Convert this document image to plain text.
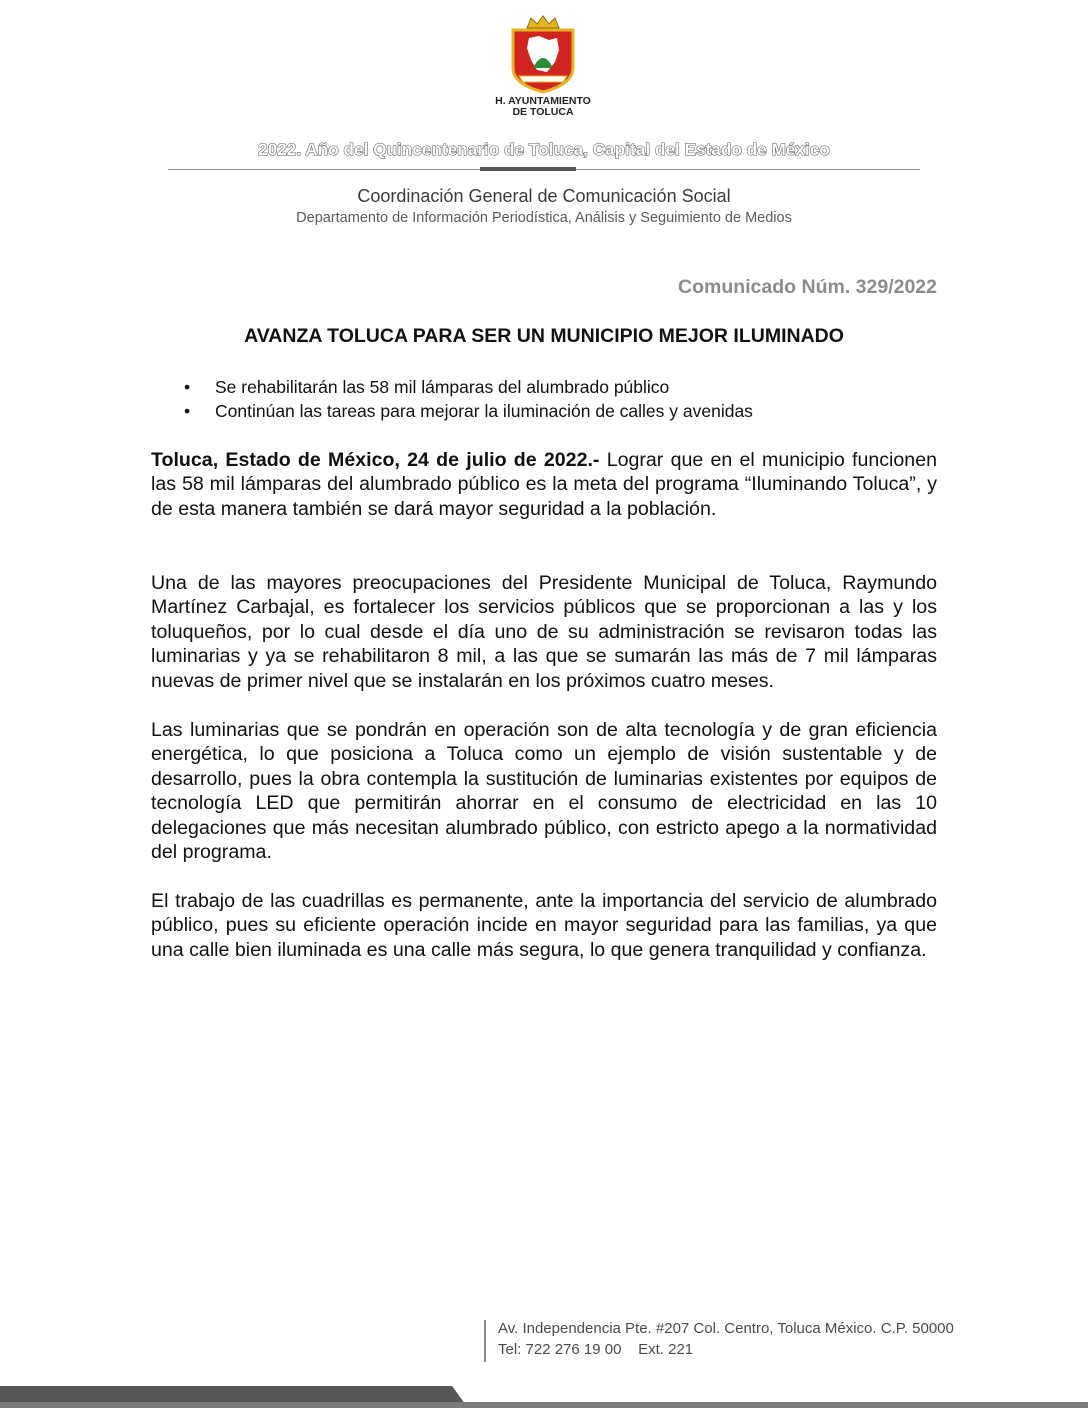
H. AYUNTAMIENTO
DE TOLUCA
2022. Año del Quincentenario de Toluca, Capital del Estado de México
Coordinación General de Comunicación Social
Departamento de Información Periodística, Análisis y Seguimiento de Medios
Comunicado Núm. 329/2022
AVANZA TOLUCA PARA SER UN MUNICIPIO MEJOR ILUMINADO
• Se rehabilitarán las 58 mil lámparas del alumbrado público
• Continúan las tareas para mejorar la iluminación de calles y avenidas

Toluca, Estado de México, 24 de julio de 2022.- Lograr que en el municipio funcionen las 58 mil lámparas del alumbrado público es la meta del programa “Iluminando Toluca”, y de esta manera también se dará mayor seguridad a la población.

Una de las mayores preocupaciones del Presidente Municipal de Toluca, Raymundo Martínez Carbajal, es fortalecer los servicios públicos que se proporcionan a las y los toluqueños, por lo cual desde el día uno de su administración se revisaron todas las luminarias y ya se rehabilitaron 8 mil, a las que se sumarán las más de 7 mil lámparas nuevas de primer nivel que se instalarán en los próximos cuatro meses.

Las luminarias que se pondrán en operación son de alta tecnología y de gran eficiencia energética, lo que posiciona a Toluca como un ejemplo de visión sustentable y de desarrollo, pues la obra contempla la sustitución de luminarias existentes por equipos de tecnología LED que permitirán ahorrar en el consumo de electricidad en las 10 delegaciones que más necesitan alumbrado público, con estricto apego a la normatividad del programa.

El trabajo de las cuadrillas es permanente, ante la importancia del servicio de alumbrado público, pues su eficiente operación incide en mayor seguridad para las familias, ya que una calle bien iluminada es una calle más segura, lo que genera tranquilidad y confianza.

Av. Independencia Pte. #207 Col. Centro, Toluca México. C.P. 50000
Tel: 722 276 19 00    Ext. 221
